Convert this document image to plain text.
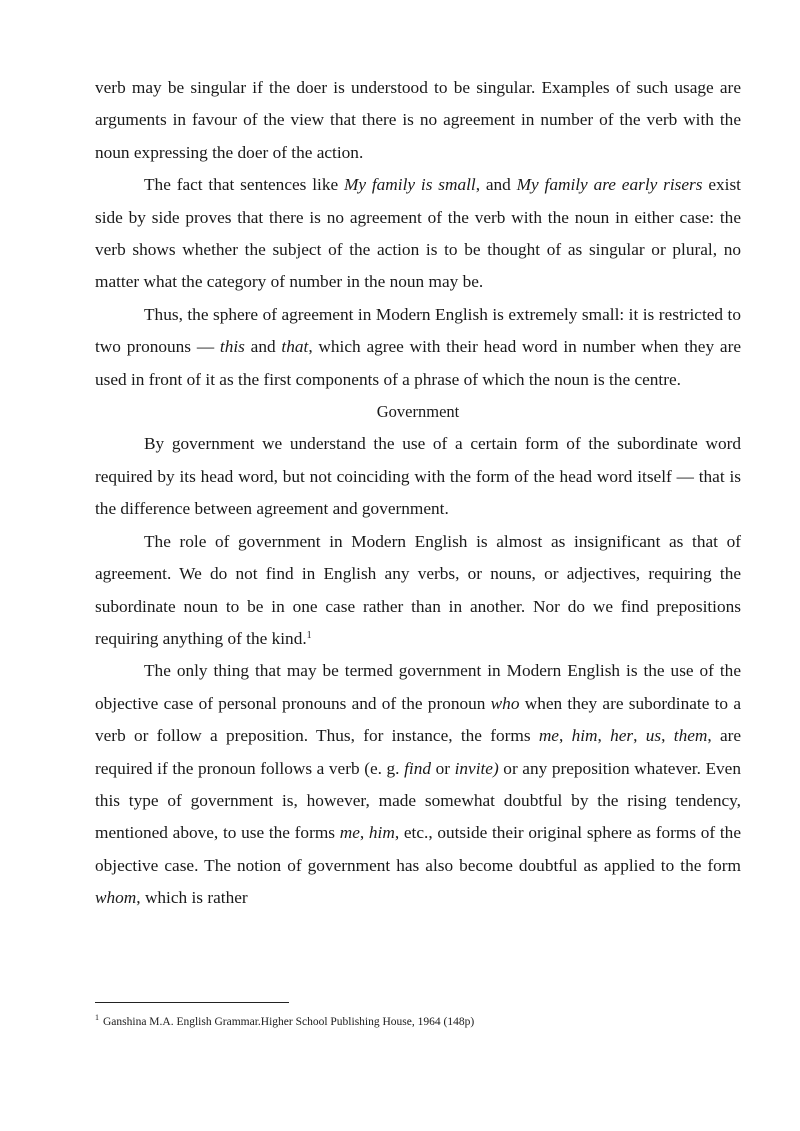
verb may be singular if the doer is understood to be singular. Examples of such usage are arguments in favour of the view that there is no agreement in number of the verb with the noun expressing the doer of the action.

The fact that sentences like My family is small, and My family are early risers exist side by side proves that there is no agreement of the verb with the noun in either case: the verb shows whether the subject of the action is to be thought of as singular or plural, no matter what the category of number in the noun may be.

Thus, the sphere of agreement in Modern English is extremely small: it is restricted to two pronouns — this and that, which agree with their head word in number when they are used in front of it as the first components of a phrase of which the noun is the centre.

Government

By government we understand the use of a certain form of the subordinate word required by its head word, but not coinciding with the form of the head word itself — that is the difference between agreement and government.

The role of government in Modern English is almost as insignificant as that of agreement. We do not find in English any verbs, or nouns, or adjectives, requiring the subordinate noun to be in one case rather than in another. Nor do we find prepositions requiring anything of the kind.$^1$

The only thing that may be termed government in Modern English is the use of the objective case of personal pronouns and of the pronoun who when they are subordinate to a verb or follow a preposition. Thus, for instance, the forms me, him, her, us, them, are required if the pronoun follows a verb (e. g. find or invite) or any preposition whatever. Even this type of government is, however, made somewhat doubtful by the rising tendency, mentioned above, to use the forms me, him, etc., outside their original sphere as forms of the objective case. The notion of government has also become doubtful as applied to the form whom, which is rather

$^1$ Ganshina M.A. English Grammar.Higher School Publishing House, 1964 (148p)
